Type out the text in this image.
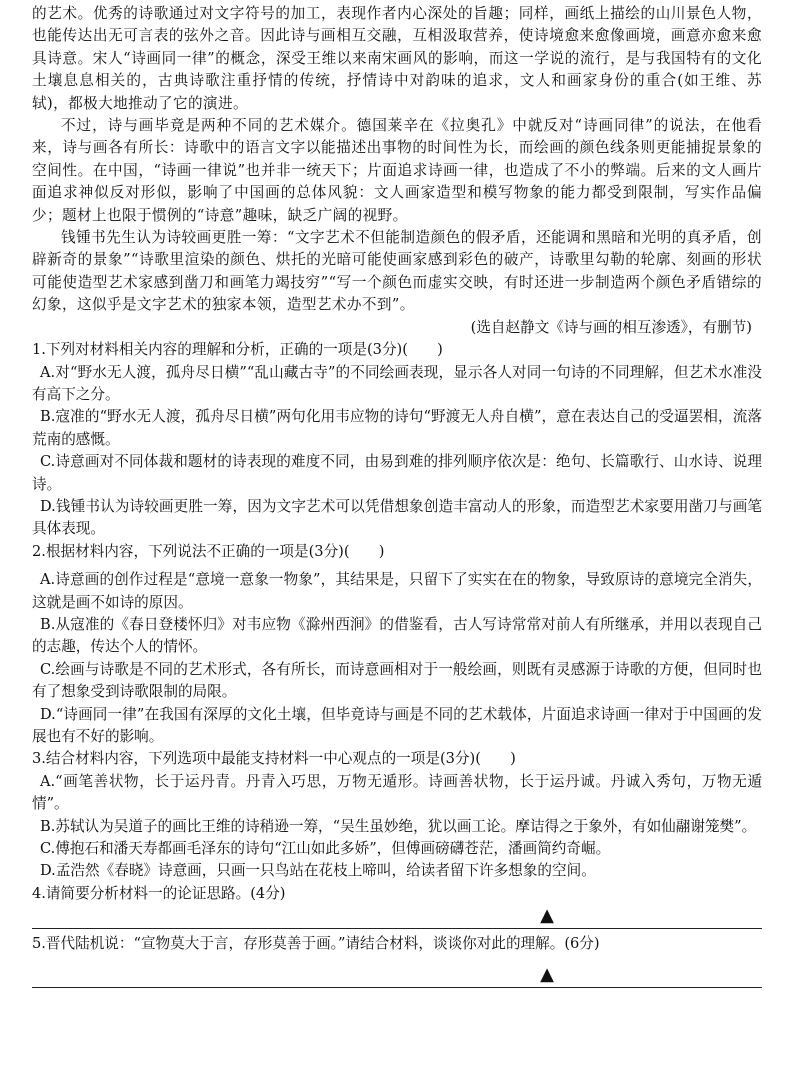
的艺术。优秀的诗歌通过对文字符号的加工，表现作者内心深处的旨趣；同样，画纸上描绘的山川景色人物，也能传达出无可言表的弦外之音。因此诗与画相互交融，互相汲取营养，使诗境愈来愈像画境，画意亦愈来愈具诗意。宋人“诗画同一律”的概念，深受王维以来南宋画风的影响，而这一学说的流行，是与我国特有的文化土壤息息相关的，古典诗歌注重抒情的传统，抒情诗中对韵味的追求，文人和画家身份的重合(如王维、苏轼)，都极大地推动了它的演进。

不过，诗与画毕竟是两种不同的艺术媒介。德国莱辛在《拉奥孔》中就反对“诗画同律”的说法，在他看来，诗与画各有所长：诗歌中的语言文字以能描述出事物的时间性为长，而绘画的颜色线条则更能捕捉景象的空间性。在中国，“诗画一律说”也并非一统天下；片面追求诗画一律，也造成了不小的弊端。后来的文人画片面追求神似反对形似，影响了中国画的总体风貌：文人画家造型和模写物象的能力都受到限制，写实作品偏少；题材上也限于惯例的“诗意”趣味，缺乏广阔的视野。

钱锺书先生认为诗较画更胜一筹：“文字艺术不但能制造颜色的假矛盾，还能调和黑暗和光明的真矛盾，创辟新奇的景象”“诗歌里渲染的颜色、烘托的光暗可能使画家感到彩色的破产，诗歌里勾勒的轮廓、刻画的形状可能使造型艺术家感到凿刀和画笔力竭技穷”“写一个颜色而虚实交映，有时还进一步制造两个颜色矛盾错综的幻象，这似乎是文字艺术的独家本领，造型艺术办不到”。

(选自赵静文《诗与画的相互渗透》，有删节)

1.下列对材料相关内容的理解和分析，正确的一项是(3分)(　　)

A.对“野水无人渡，孤舟尽日横”“乱山藏古寺”的不同绘画表现，显示各人对同一句诗的不同理解，但艺术水准没有高下之分。

B.寇准的“野水无人渡，孤舟尽日横”两句化用韦应物的诗句“野渡无人舟自横”，意在表达自己的受逼罢相，流落荒南的感慨。

C.诗意画对不同体裁和题材的诗表现的难度不同，由易到难的排列顺序依次是：绝句、长篇歌行、山水诗、说理诗。

D.钱锺书认为诗较画更胜一筹，因为文字艺术可以凭借想象创造丰富动人的形象，而造型艺术家要用凿刀与画笔具体表现。

2.根据材料内容，下列说法不正确的一项是(3分)(　　)

A.诗意画的创作过程是“意境一意象一物象”，其结果是，只留下了实实在在的物象，导致原诗的意境完全消失，这就是画不如诗的原因。

B.从寇准的《春日登楼怀归》对韦应物《滁州西涧》的借鉴看，古人写诗常常对前人有所继承，并用以表现自己的志趣，传达个人的情怀。

C.绘画与诗歌是不同的艺术形式，各有所长，而诗意画相对于一般绘画，则既有灵感源于诗歌的方便，但同时也有了想象受到诗歌限制的局限。

D.“诗画同一律”在我国有深厚的文化土壤，但毕竟诗与画是不同的艺术载体，片面追求诗画一律对于中国画的发展也有不好的影响。

3.结合材料内容，下列选项中最能支持材料一中心观点的一项是(3分)(　　)

A.“画笔善状物，长于运丹青。丹青入巧思，万物无遁形。诗画善状物，长于运丹诚。丹诚入秀句，万物无遁情”。

B.苏轼认为吴道子的画比王维的诗稍逊一筹，“吴生虽妙绝，犹以画工论。摩诘得之于象外，有如仙翮谢笼樊”。

C.傅抱石和潘天寿都画毛泽东的诗句“江山如此多娇”，但傅画磅礴苍茫，潘画简约奇崛。

D.孟浩然《春晓》诗意画，只画一只鸟站在花枝上啼叫，给读者留下许多想象的空间。

4.请简要分析材料一的论证思路。(4分)

▲

5.晋代陆机说：“宣物莫大于言，存形莫善于画。”请结合材料，谈谈你对此的理解。(6分)

▲
